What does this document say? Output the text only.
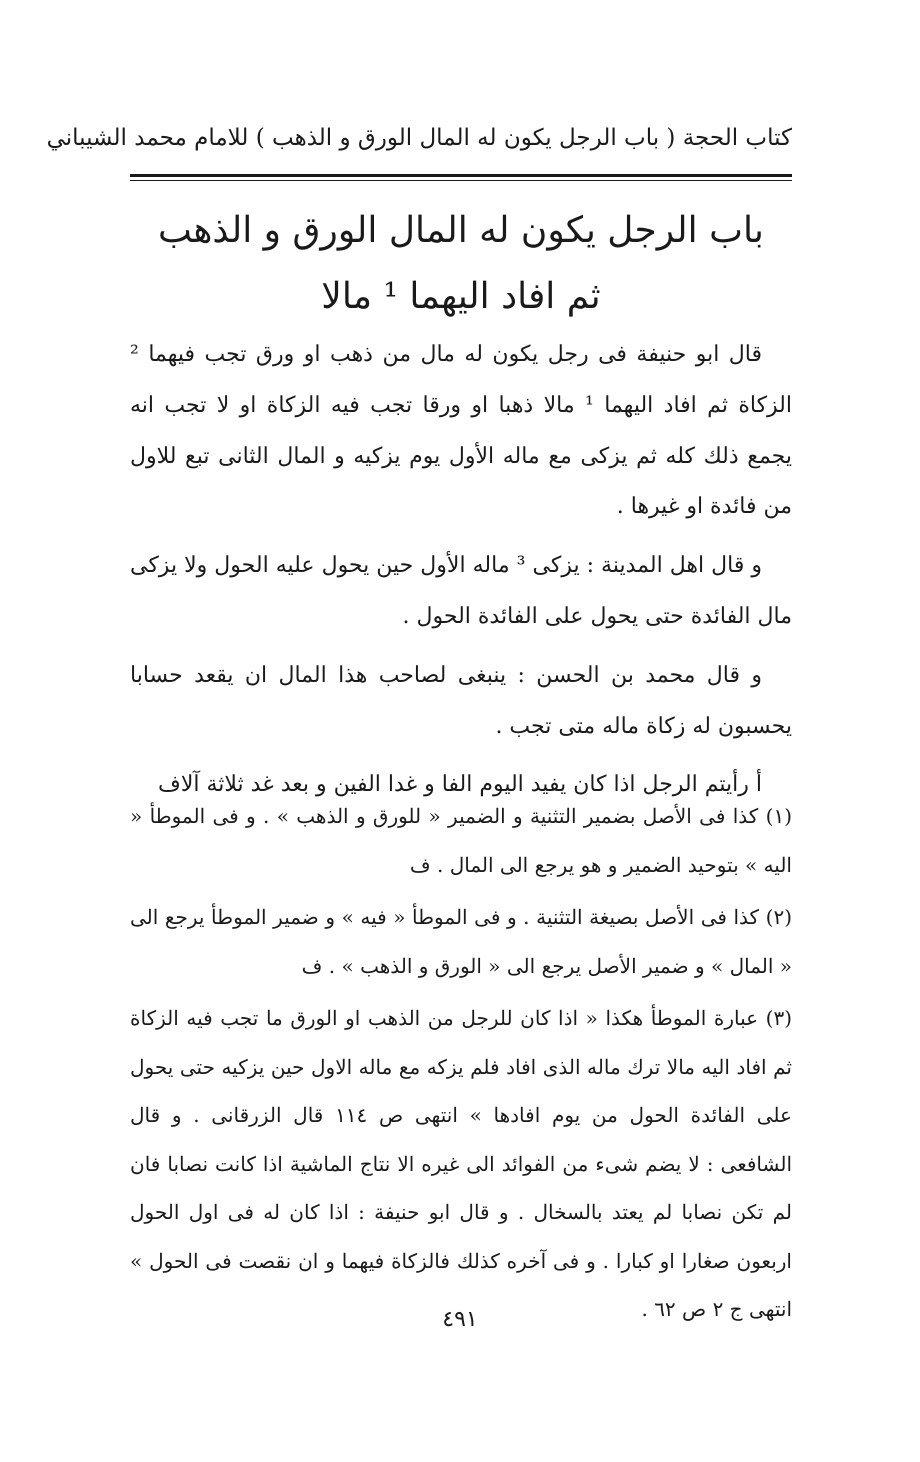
كتاب الحجة ( باب الرجل يكون له المال الورق و الذهب ) للامام محمد الشيباني
باب الرجل يكون له المال الورق و الذهب
ثم افاد اليهما ¹ مالا

قال ابو حنيفة فى رجل يكون له مال من ذهب او ورق تجب فيهما ² الزكاة ثم افاد اليهما ¹ مالا ذهبا او ورقا تجب فيه الزكاة او لا تجب انه يجمع ذلك كله ثم يزكى مع ماله الأول يوم يزكيه و المال الثانى تبع للاول من فائدة او غيرها .

و قال اهل المدينة : يزكى ³ ماله الأول حين يحول عليه الحول ولا يزكى مال الفائدة حتى يحول على الفائدة الحول .

و قال محمد بن الحسن : ينبغى لصاحب هذا المال ان يقعد حسابا يحسبون له زكاة ماله متى تجب .

أ رأيتم الرجل اذا كان يفيد اليوم الفا و غدا الفين و بعد غد ثلاثة آلاف

(١) كذا فى الأصل بضمير التثنية و الضمير « للورق و الذهب » . و فى الموطأ « اليه » بتوحيد الضمير و هو يرجع الى المال . ف

(٢) كذا فى الأصل بصيغة التثنية . و فى الموطأ « فيه » و ضمير الموطأ يرجع الى « المال » و ضمير الأصل يرجع الى « الورق و الذهب » . ف

(٣) عبارة الموطأ هكذا « اذا كان للرجل من الذهب او الورق ما تجب فيه الزكاة ثم افاد اليه مالا ترك ماله الذى افاد فلم يزكه مع ماله الاول حين يزكيه حتى يحول على الفائدة الحول من يوم افادها » انتهى ص ١١٤ قال الزرقانى . و قال الشافعى : لا يضم شىء من الفوائد الى غيره الا نتاج الماشية اذا كانت نصابا فان لم تكن نصابا لم يعتد بالسخال . و قال ابو حنيفة : اذا كان له فى اول الحول اربعون صغارا او كبارا . و فى آخره كذلك فالزكاة فيهما و ان نقصت فى الحول » انتهى ج ٢ ص ٦٢ .

٤٩١
